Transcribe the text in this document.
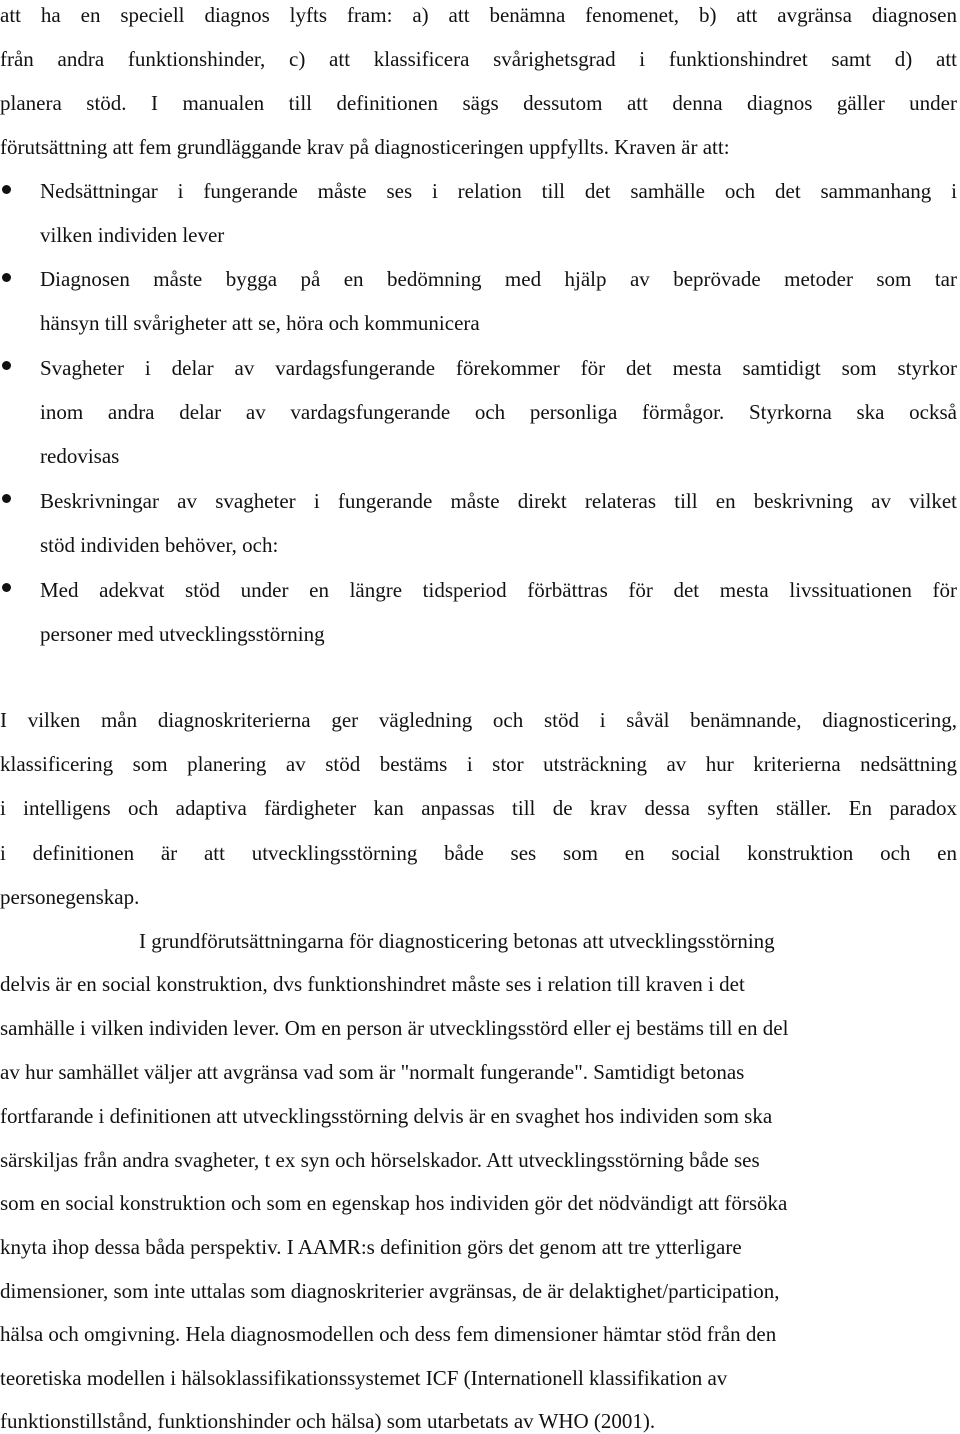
att ha en speciell diagnos lyfts fram: a) att benämna fenomenet, b) att avgränsa diagnosen
från andra funktionshinder, c) att klassificera svårighetsgrad i funktionshindret samt d) att
planera stöd. I manualen till definitionen sägs dessutom att denna diagnos gäller under
förutsättning att fem grundläggande krav på diagnosticeringen uppfyllts. Kraven är att:
Nedsättningar i fungerande måste ses i relation till det samhälle och det sammanhang i
vilken individen lever
Diagnosen måste bygga på en bedömning med hjälp av beprövade metoder som tar
hänsyn till svårigheter att se, höra och kommunicera
Svagheter i delar av vardagsfungerande förekommer för det mesta samtidigt som styrkor
inom andra delar av vardagsfungerande och personliga förmågor. Styrkorna ska också
redovisas
Beskrivningar av svagheter i fungerande måste direkt relateras till en beskrivning av vilket
stöd individen behöver, och:
Med adekvat stöd under en längre tidsperiod förbättras för det mesta livssituationen för
personer med utvecklingsstörning
I vilken mån diagnoskriterierna ger vägledning och stöd i såväl benämnande, diagnosticering,
klassificering som planering av stöd bestäms i stor utsträckning av hur kriterierna nedsättning
i intelligens och adaptiva färdigheter kan anpassas till de krav dessa syften ställer. En paradox
i definitionen är att utvecklingsstörning både ses som en social konstruktion och en
personegenskap.
I grundförutsättningarna för diagnosticering betonas att utvecklingsstörning
delvis är en social konstruktion, dvs funktionshindret måste ses i relation till kraven i det
samhälle i vilken individen lever. Om en person är utvecklingsstörd eller ej bestäms till en del
av hur samhället väljer att avgränsa vad som är "normalt fungerande". Samtidigt betonas
fortfarande i definitionen att utvecklingsstörning delvis är en svaghet hos individen som ska
särskiljas från andra svagheter, t ex syn och hörselskador. Att utvecklingsstörning både ses
som en social konstruktion och som en egenskap hos individen gör det nödvändigt att försöka
knyta ihop dessa båda perspektiv. I AAMR:s definition görs det genom att tre ytterligare
dimensioner, som inte uttalas som diagnoskriterier avgränsas, de är delaktighet/participation,
hälsa och omgivning. Hela diagnosmodellen och dess fem dimensioner hämtar stöd från den
teoretiska modellen i hälsoklassifikationssystemet ICF (Internationell klassifikation av
funktionstillstånd, funktionshinder och hälsa) som utarbetats av WHO (2001).
